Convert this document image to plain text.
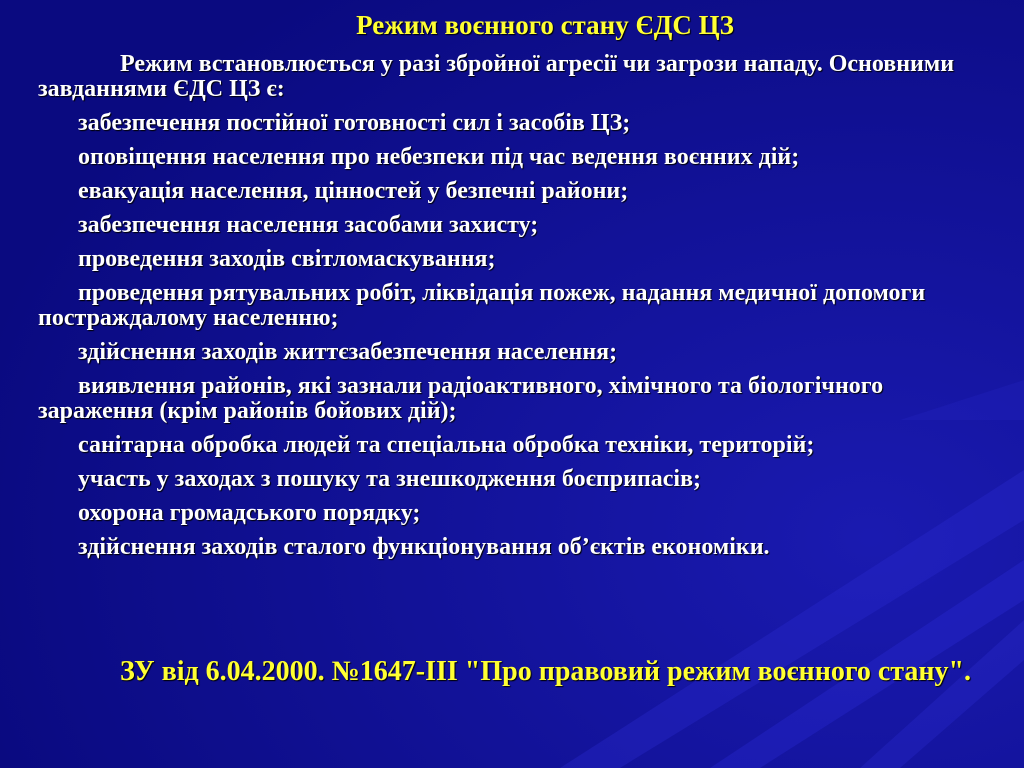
Режим воєнного стану ЄДС ЦЗ

Режим встановлюється у разі збройної агресії чи загрози нападу. Основними завданнями ЄДС ЦЗ є:

забезпечення постійної готовності сил і засобів ЦЗ;

оповіщення населення про небезпеки під час ведення воєнних дій;

евакуація населення, цінностей у безпечні райони;

забезпечення населення засобами захисту;

проведення заходів світломаскування;

проведення рятувальних робіт, ліквідація пожеж, надання медичної допомоги постраждалому населенню;

здійснення заходів життєзабезпечення населення;

виявлення районів, які зазнали радіоактивного, хімічного та біологічного зараження (крім районів бойових дій);

санітарна обробка людей та спеціальна обробка техніки, територій;

участь у заходах з пошуку та знешкодження боєприпасів;

охорона громадського порядку;

здійснення заходів сталого функціонування об’єктів економіки.

ЗУ від 6.04.2000. №1647-ІІІ "Про правовий режим воєнного стану".
